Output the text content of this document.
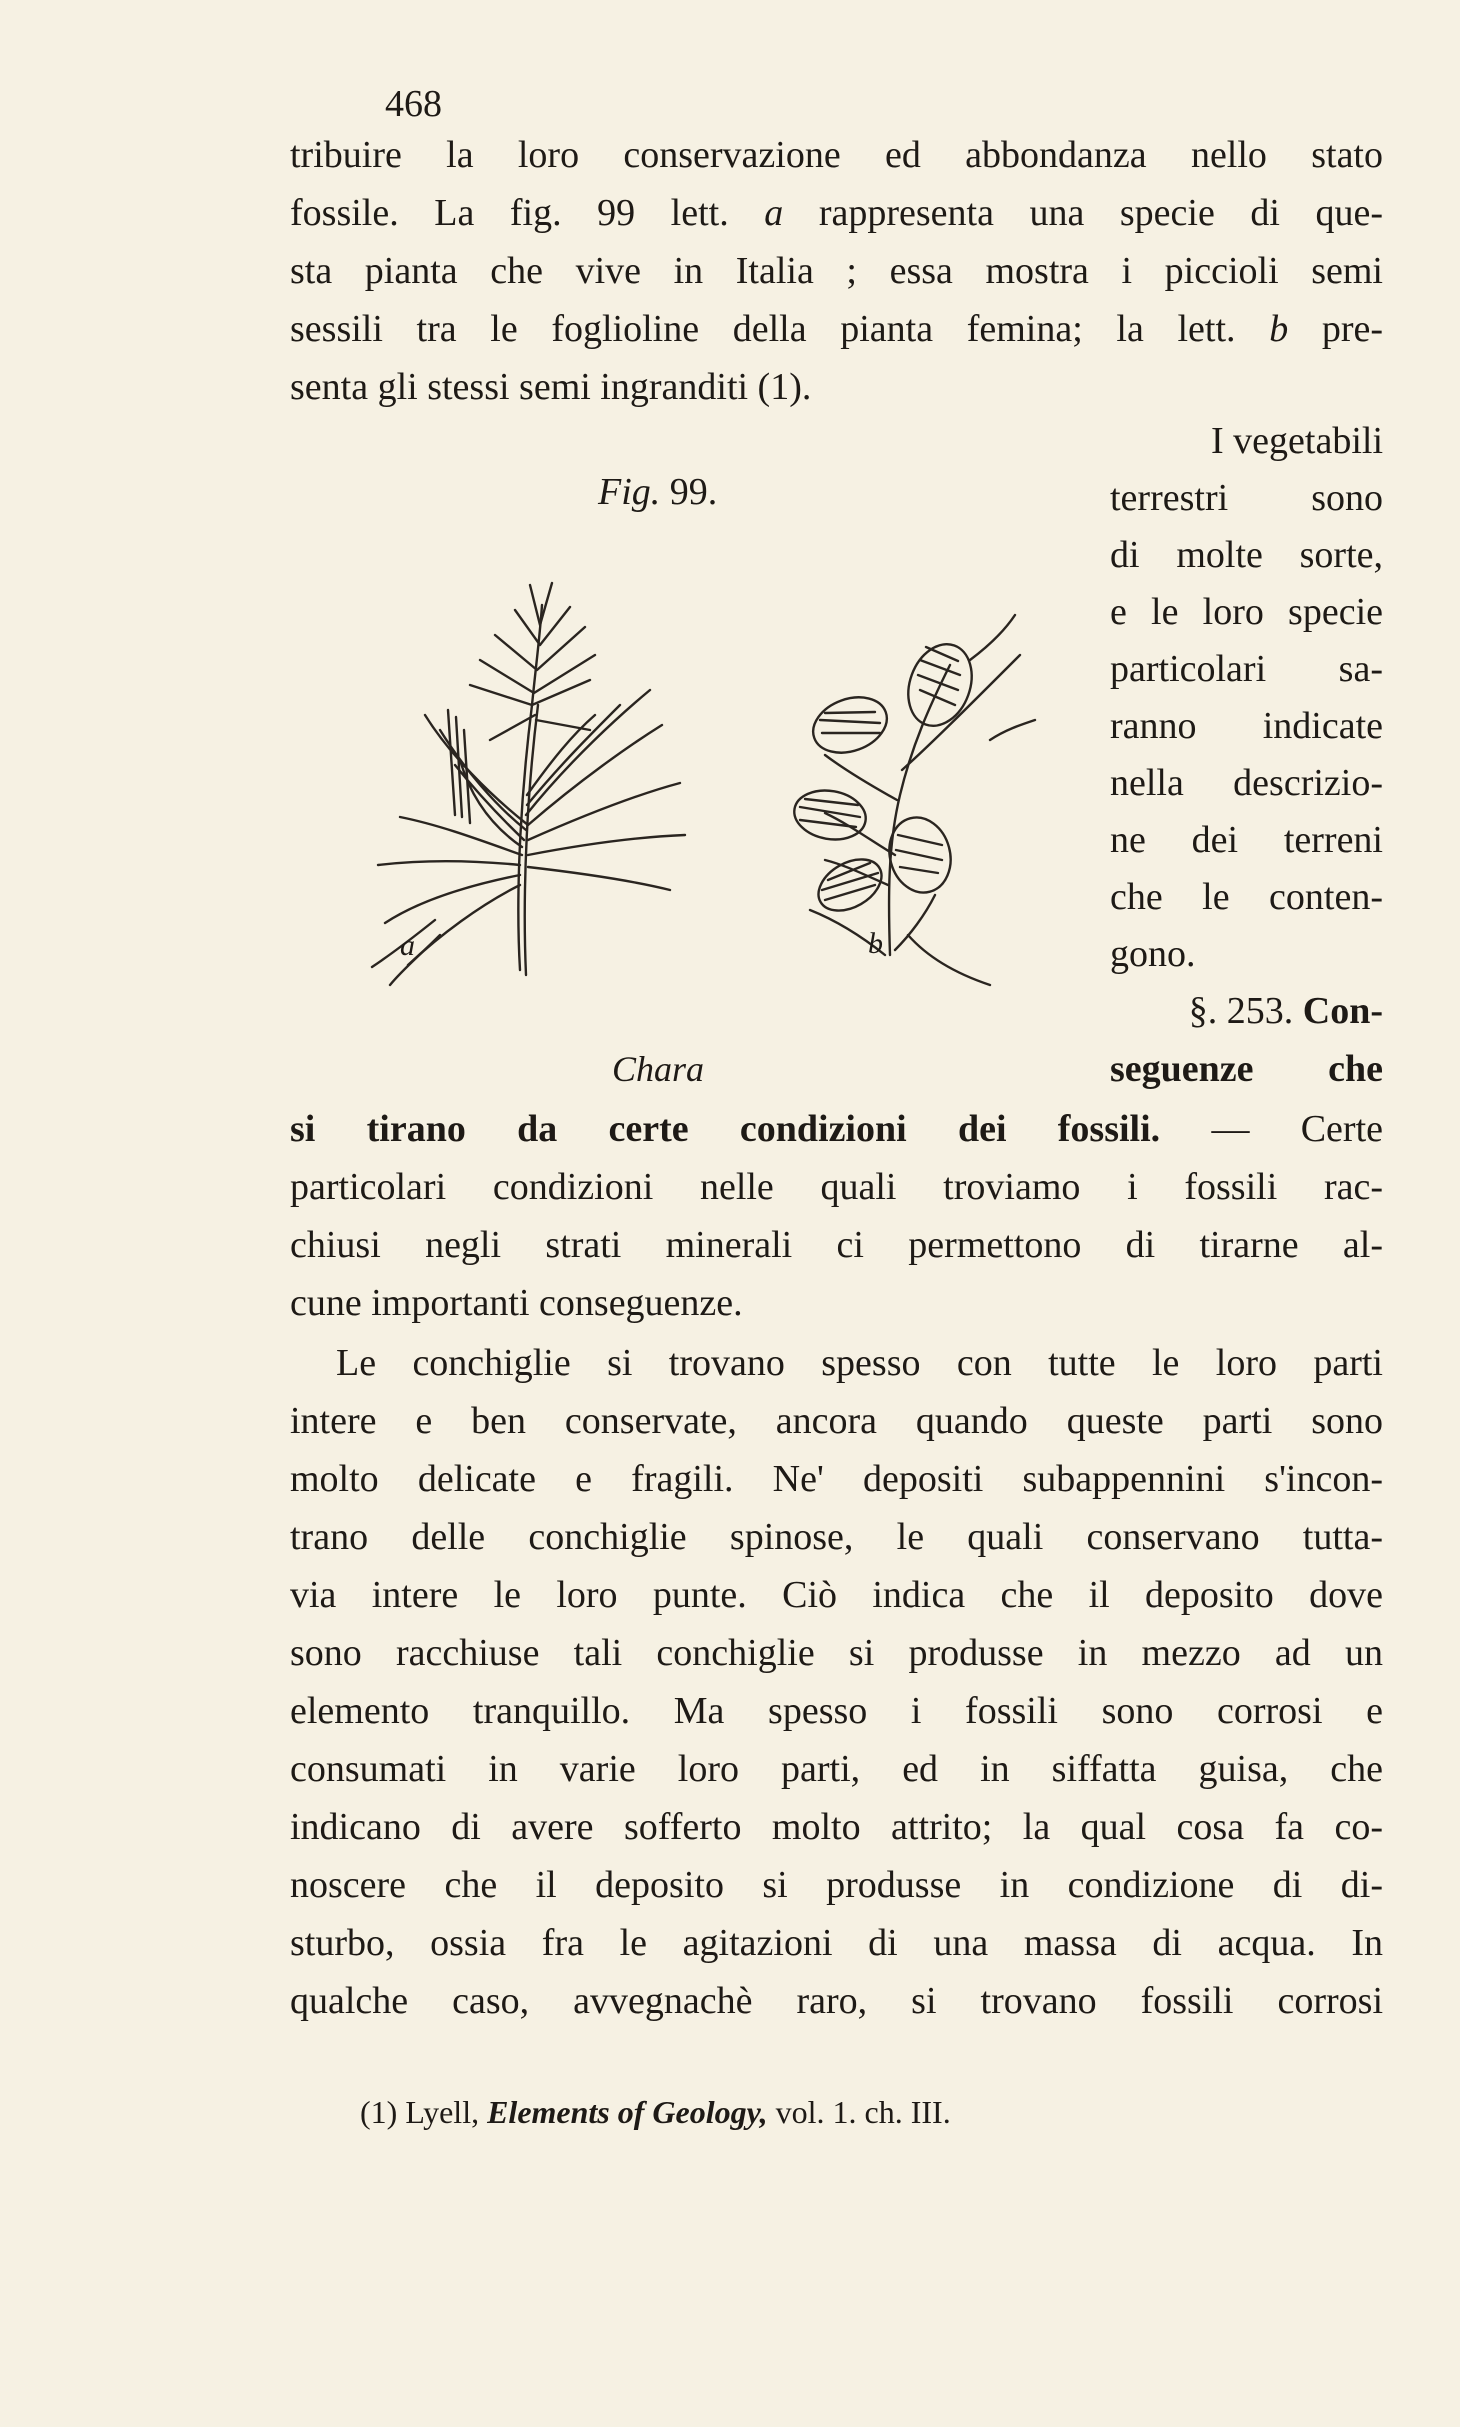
468
tribuire la loro conservazione ed abbondanza nello stato
fossile. La fig. 99 lett. a rappresenta una specie di que-
sta pianta che vive in Italia ; essa mostra i piccioli semi
sessili tra le foglioline della pianta femina; la lett. b pre-
senta gli stessi semi ingranditi (1).
Fig. 99.
a	b
Chara
I vegetabili
terrestri sono
di molte sorte,
e le loro specie
particolari sa-
ranno indicate
nella descrizio-
ne dei terreni
che le conten-
gono.
§. 253. Con-
seguenze che
si tirano da certe condizioni dei fossili. — Certe
particolari condizioni nelle quali troviamo i fossili rac-
chiusi negli strati minerali ci permettono di tirarne al-
cune importanti conseguenze.
Le conchiglie si trovano spesso con tutte le loro parti
intere e ben conservate, ancora quando queste parti sono
molto delicate e fragili. Ne' depositi subappennini s'incon-
trano delle conchiglie spinose, le quali conservano tutta-
via intere le loro punte. Ciò indica che il deposito dove
sono racchiuse tali conchiglie si produsse in mezzo ad un
elemento tranquillo. Ma spesso i fossili sono corrosi e
consumati in varie loro parti, ed in siffatta guisa, che
indicano di avere sofferto molto attrito; la qual cosa fa co-
noscere che il deposito si produsse in condizione di di-
sturbo, ossia fra le agitazioni di una massa di acqua. In
qualche caso, avvegnachè raro, si trovano fossili corrosi
(1) Lyell, Elements of Geology, vol. 1. ch. III.
